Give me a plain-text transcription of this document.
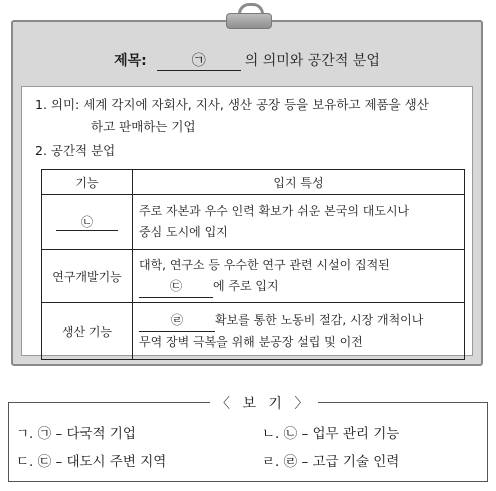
제목:	㉠	의 의미와 공간적 분업
1. 의미: 세계 각지에 자회사, 지사, 생산 공장 등을 보유하고 제품을 생산
하고 판매하는 기업
2. 공간적 분업
기능	입지 특성
㉡	주로 자본과 우수 인력 확보가 쉬운 본국의 대도시나
중심 도시에 입지

연구개발기능	대학, 연구소 등 우수한 연구 관련 시설이 집적된
㉢ 에 주로 입지

생산 기능	㉣ 확보를 통한 노동비 절감, 시장 개척이나
무역 장벽 극복을 위해 분공장 설립 및 이전
〈 보 기 〉
ㄱ. ㉠ – 다국적 기업	ㄴ. ㉡ – 업무 관리 기능
ㄷ. ㉢ – 대도시 주변 지역	ㄹ. ㉣ – 고급 기술 인력
